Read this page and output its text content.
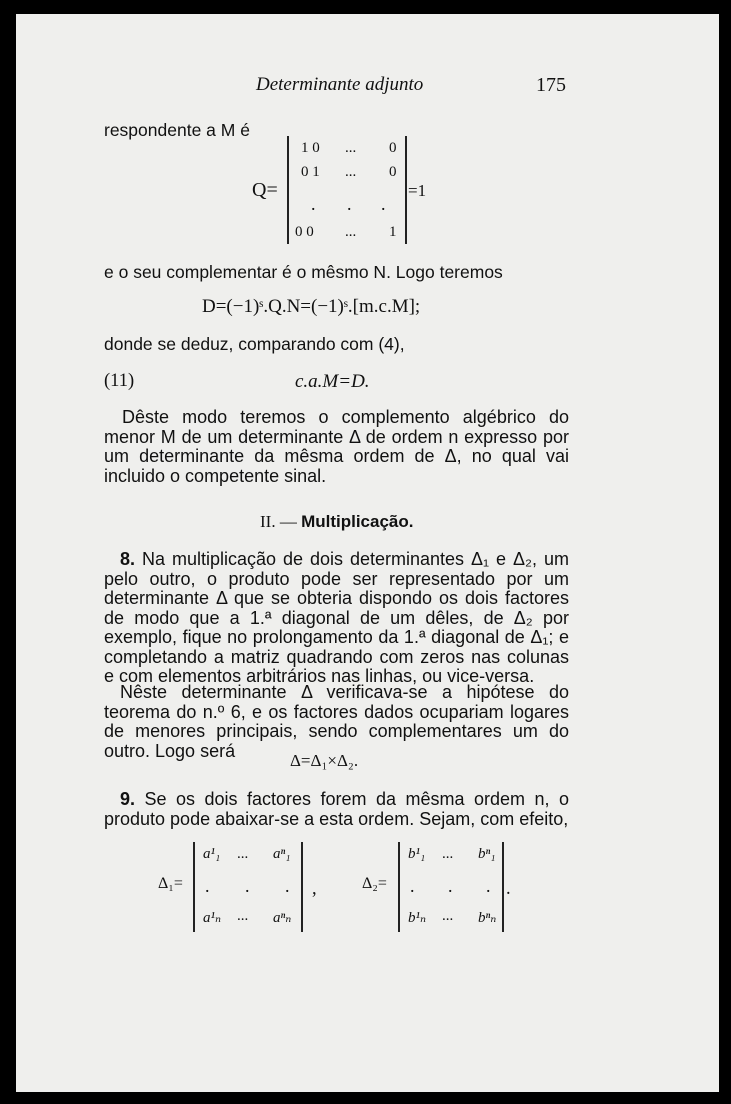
Determinante adjunto	175
respondente a M é
Q=
1 0 ... 0
0 1 ... 0
. . .
0 0 ... 1
=1
e o seu complementar é o mêsmo N. Logo teremos
D=(−1)ˢ.Q.N=(−1)ˢ.[m.c.M];
donde se deduz, comparando com (4),
(11)	c.a.M=D.
Dêste modo teremos o complemento algébrico do menor M de um determinante Δ de ordem n expresso por um determinante da mêsma ordem de Δ, no qual vai incluido o competente sinal.
II. — Multiplicação.
8. Na multiplicação de dois determinantes Δ₁ e Δ₂, um pelo outro, o produto pode ser representado por um determinante Δ que se obteria dispondo os dois factores de modo que a 1.ª diagonal de um dêles, de Δ₂ por exemplo, fique no prolongamento da 1.ª diagonal de Δ₁; e completando a matriz quadrando com zeros nas colunas e com elementos arbitrários nas linhas, ou vice-versa.
Nêste determinante Δ verificava-se a hipótese do teorema do n.º 6, e os factores dados ocupariam logares de menores principais, sendo complementares um do outro. Logo será	Δ=Δ₁×Δ₂.
9. Se os dois factores forem da mêsma ordem n, o produto pode abaixar-se a esta ordem. Sejam, com efeito,
Δ₁=
a¹₁ ... aⁿ₁
. . .
a¹ₙ ... aⁿₙ
,	Δ₂=
b¹₁ ... bⁿ₁
. . .
b¹ₙ ... bⁿₙ
.
